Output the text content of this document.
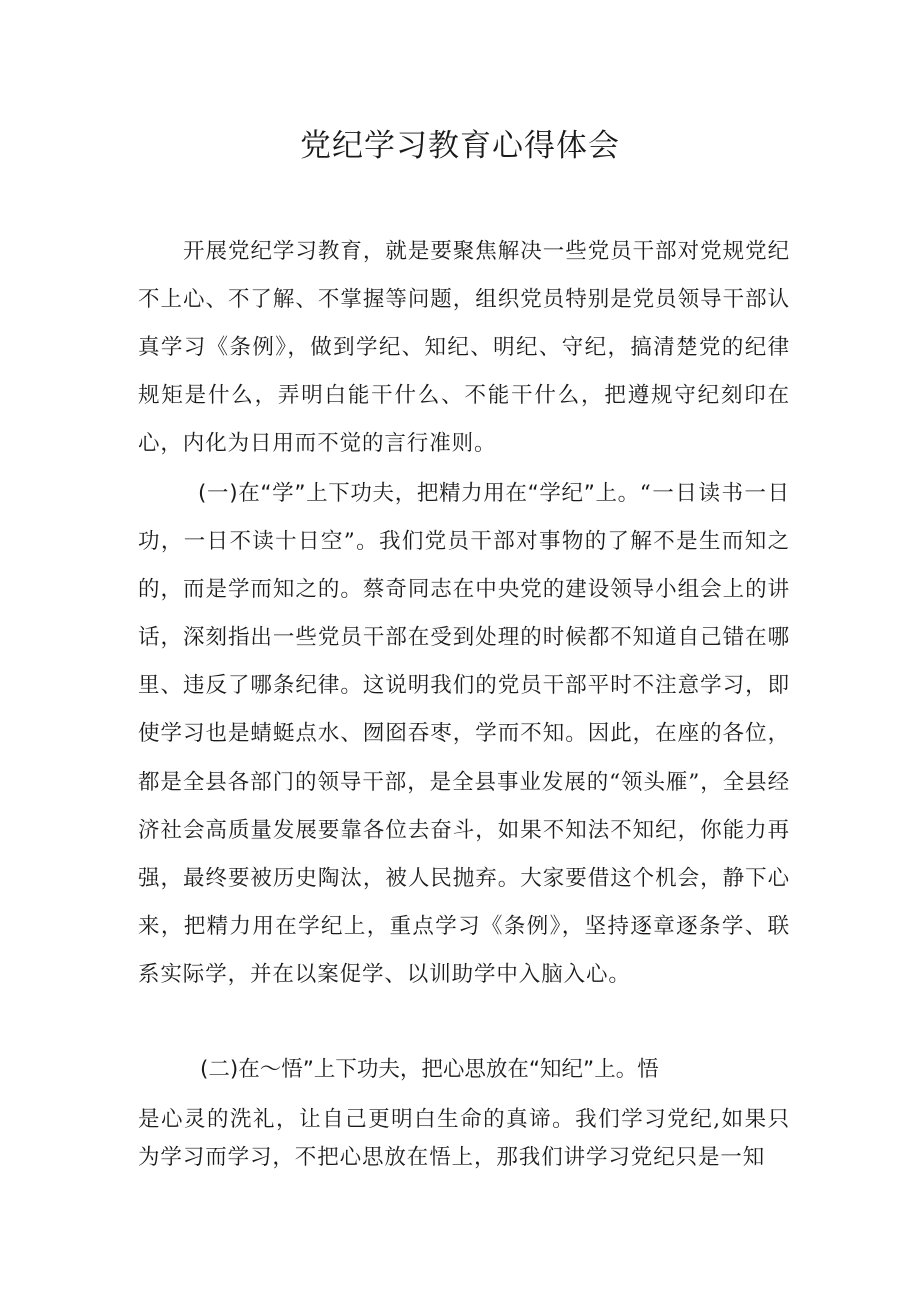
党纪学习教育心得体会

开展党纪学习教育，就是要聚焦解决一些党员干部对党规党纪不上心、不了解、不掌握等问题，组织党员特别是党员领导干部认真学习《条例》，做到学纪、知纪、明纪、守纪，搞清楚党的纪律规矩是什么，弄明白能干什么、不能干什么，把遵规守纪刻印在心，内化为日用而不觉的言行准则。

(一)在“学”上下功夫，把精力用在“学纪”上。“一日读书一日功，一日不读十日空”。我们党员干部对事物的了解不是生而知之的，而是学而知之的。蔡奇同志在中央党的建设领导小组会上的讲话，深刻指出一些党员干部在受到处理的时候都不知道自己错在哪里、违反了哪条纪律。这说明我们的党员干部平时不注意学习，即使学习也是蜻蜓点水、囫囵吞枣，学而不知。因此，在座的各位，都是全县各部门的领导干部，是全县事业发展的“领头雁”，全县经济社会高质量发展要靠各位去奋斗，如果不知法不知纪，你能力再强，最终要被历史陶汰，被人民抛弃。大家要借这个机会，静下心来，把精力用在学纪上，重点学习《条例》，坚持逐章逐条学、联系实际学，并在以案促学、以训助学中入脑入心。

(二)在〜悟”上下功夫，把心思放在“知纪”上。悟

是心灵的洗礼，让自己更明白生命的真谛。我们学习党纪,如果只为学习而学习，不把心思放在悟上，那我们讲学习党纪只是一知
